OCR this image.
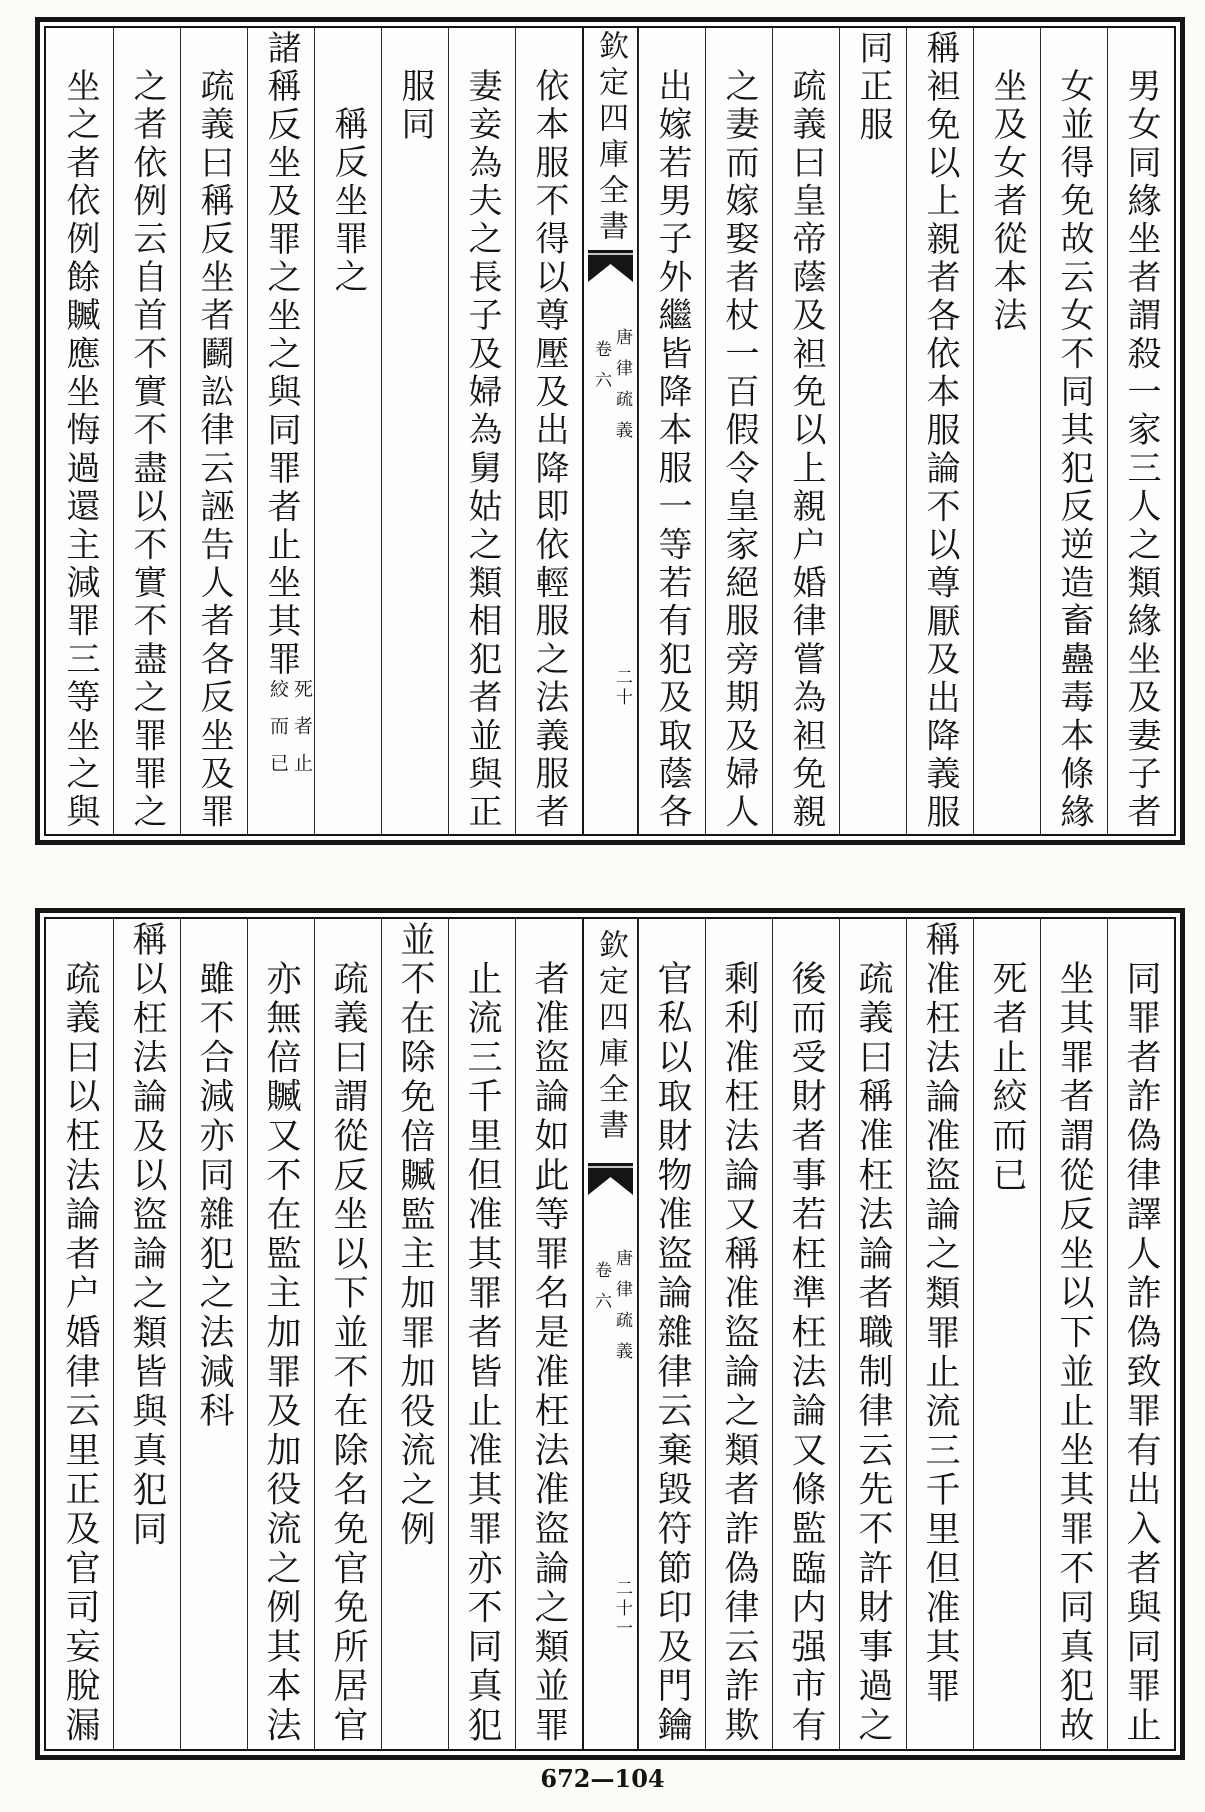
男女同緣坐者謂殺一家三人之類緣坐及妻子者
女並得免故云女不同其犯反逆造畜蠱毒本條緣
坐及女者從本法
稱袒免以上親者各依本服論不以尊厭及出降義服
同正服
疏義曰皇帝蔭及袒免以上親户婚律嘗為袒免親
之妻而嫁娶者杖一百假令皇家絕服旁期及婦人
出嫁若男子外繼皆降本服一等若有犯及取蔭各
欽定四庫全書
唐律疏義
卷六
二十
依本服不得以尊壓及出降即依輕服之法義服者
妻妾為夫之長子及婦為舅姑之類相犯者並與正
服同
稱反坐罪之
諸稱反坐及罪之坐之與同罪者止坐其罪
死者止
絞而已
疏義曰稱反坐者鬬訟律云誣告人者各反坐及罪
之者依例云自首不實不盡以不實不盡之罪罪之
坐之者依例餘贓應坐悔過還主減罪三等坐之與
同罪者詐偽律譯人詐偽致罪有出入者與同罪止
坐其罪者謂從反坐以下並止坐其罪不同真犯故
死者止絞而已
稱准枉法論准盜論之類罪止流三千里但准其罪
疏義曰稱准枉法論者職制律云先不許財事過之
後而受財者事若枉準枉法論又條監臨内强市有
剩利准枉法論又稱准盜論之類者詐偽律云詐欺
官私以取財物准盜論雜律云棄毀符節印及門鑰
欽定四庫全書
唐律疏義
卷六
二十一
者准盜論如此等罪名是准枉法准盜論之類並罪
止流三千里但准其罪者皆止准其罪亦不同真犯
並不在除免倍贓監主加罪加役流之例
疏義曰謂從反坐以下並不在除名免官免所居官
亦無倍贓又不在監主加罪及加役流之例其本法
雖不合減亦同雜犯之法減科
稱以枉法論及以盜論之類皆與真犯同
疏義曰以枉法論者户婚律云里正及官司妄脫漏
672—104
